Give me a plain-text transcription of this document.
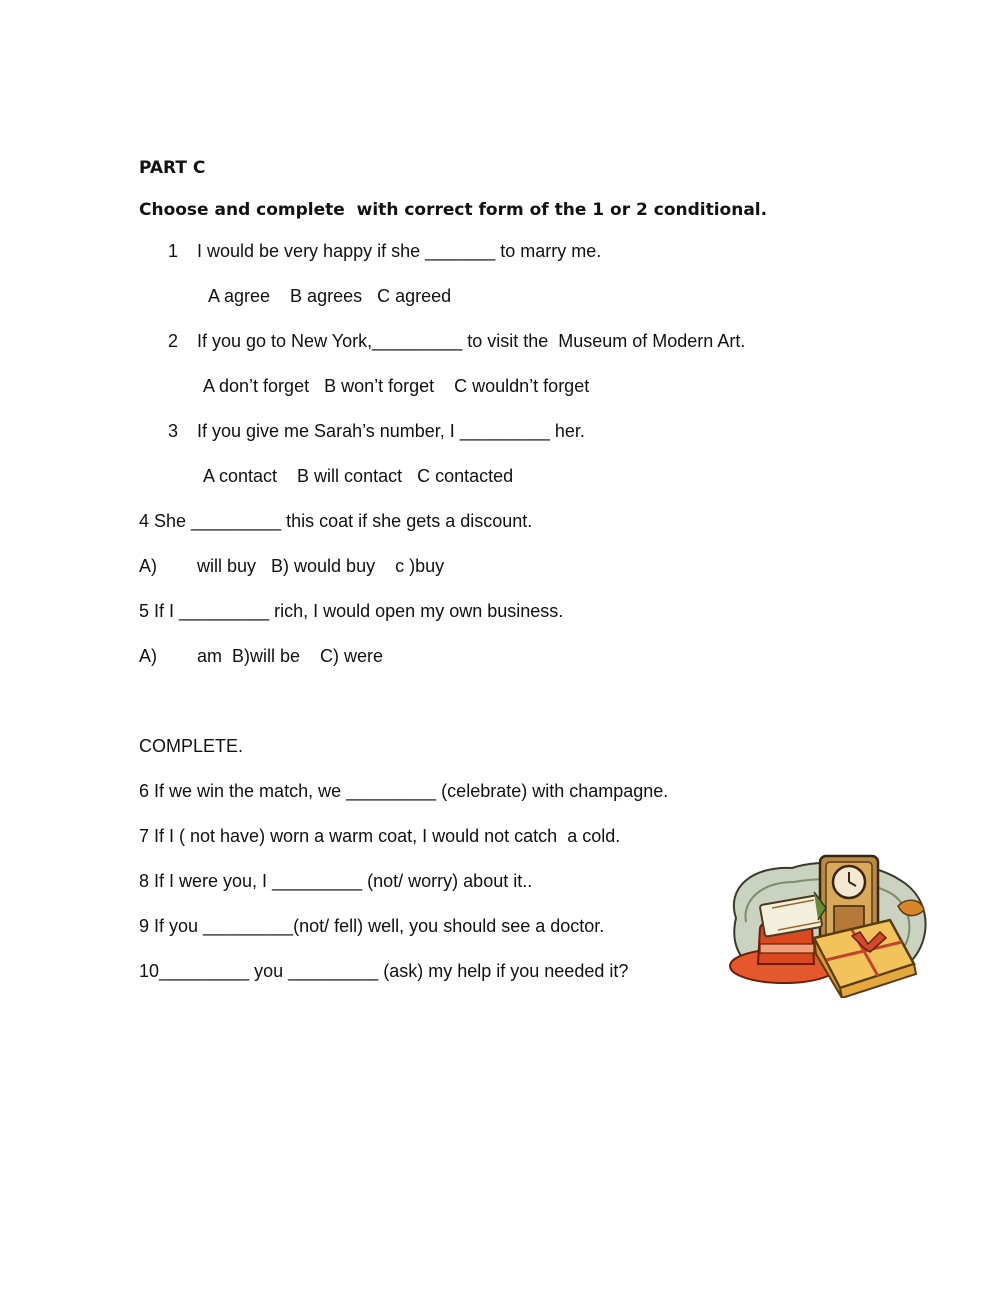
PART C

Choose and complete  with correct form of the 1 or 2 conditional.

1 I would be very happy if she _______ to marry me.

A agree    B agrees   C agreed

2 If you go to New York,_________ to visit the  Museum of Modern Art.

A don’t forget   B won’t forget    C wouldn’t forget

3 If you give me Sarah’s number, I _________ her.

A contact    B will contact   C contacted

4 She _________ this coat if she gets a discount.

A) will buy   B) would buy    c )buy

5 If I _________ rich, I would open my own business.

A) am  B)will be    C) were

COMPLETE.

6 If we win the match, we _________ (celebrate) with champagne.

7 If I ( not have) worn a warm coat, I would not catch  a cold.

8 If I were you, I _________ (not/ worry) about it..

9 If you _________(not/ fell) well, you should see a doctor.

10_________ you _________ (ask) my help if you needed it?
